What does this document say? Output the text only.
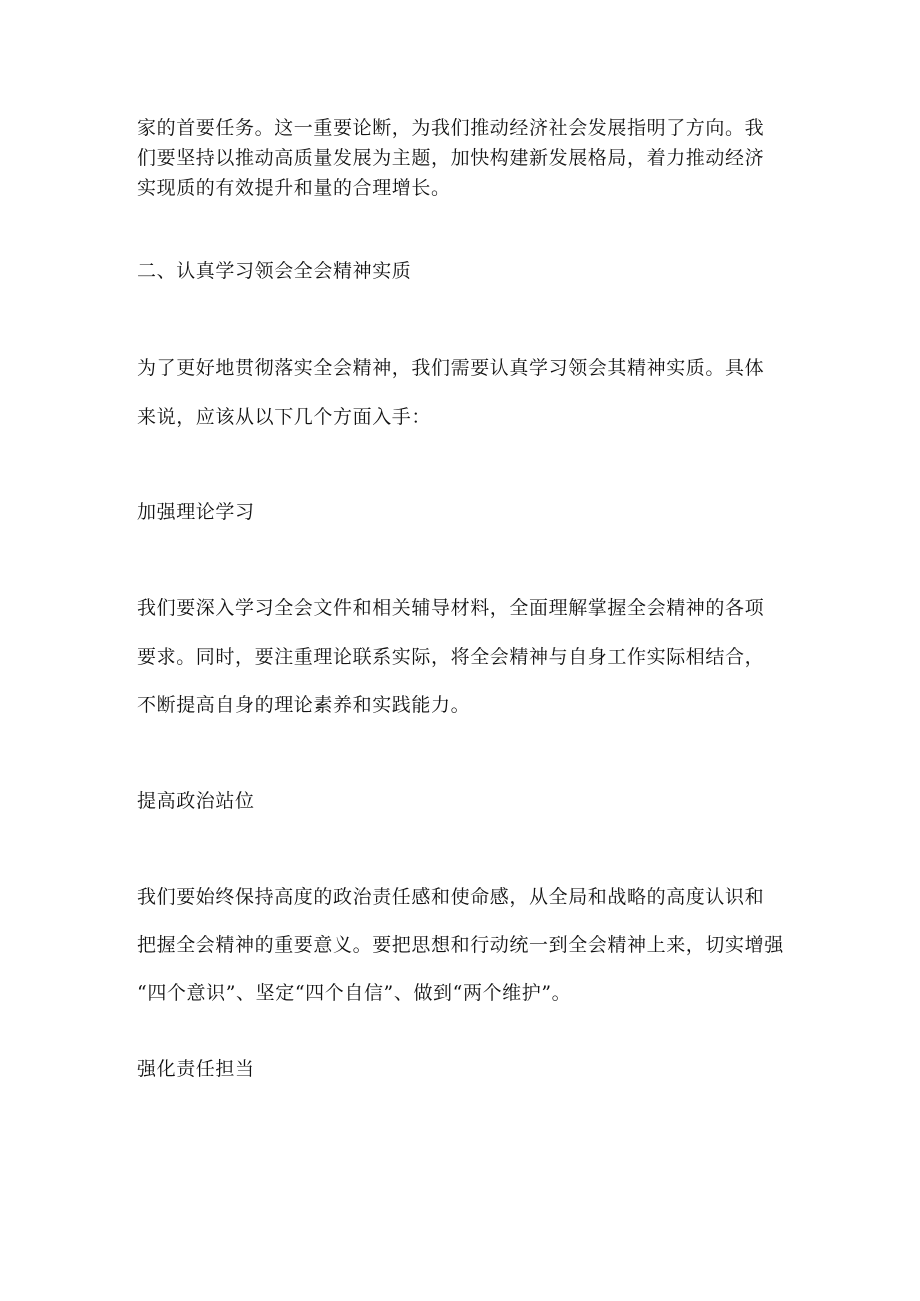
家的首要任务。这一重要论断，为我们推动经济社会发展指明了方向。我

们要坚持以推动高质量发展为主题，加快构建新发展格局，着力推动经济

实现质的有效提升和量的合理增长。

二、认真学习领会全会精神实质

为了更好地贯彻落实全会精神，我们需要认真学习领会其精神实质。具体

来说，应该从以下几个方面入手：

加强理论学习

我们要深入学习全会文件和相关辅导材料，全面理解掌握全会精神的各项

要求。同时，要注重理论联系实际，将全会精神与自身工作实际相结合，

不断提高自身的理论素养和实践能力。

提高政治站位

我们要始终保持高度的政治责任感和使命感，从全局和战略的高度认识和

把握全会精神的重要意义。要把思想和行动统一到全会精神上来，切实增强

“四个意识”、坚定“四个自信”、做到“两个维护”。

强化责任担当
